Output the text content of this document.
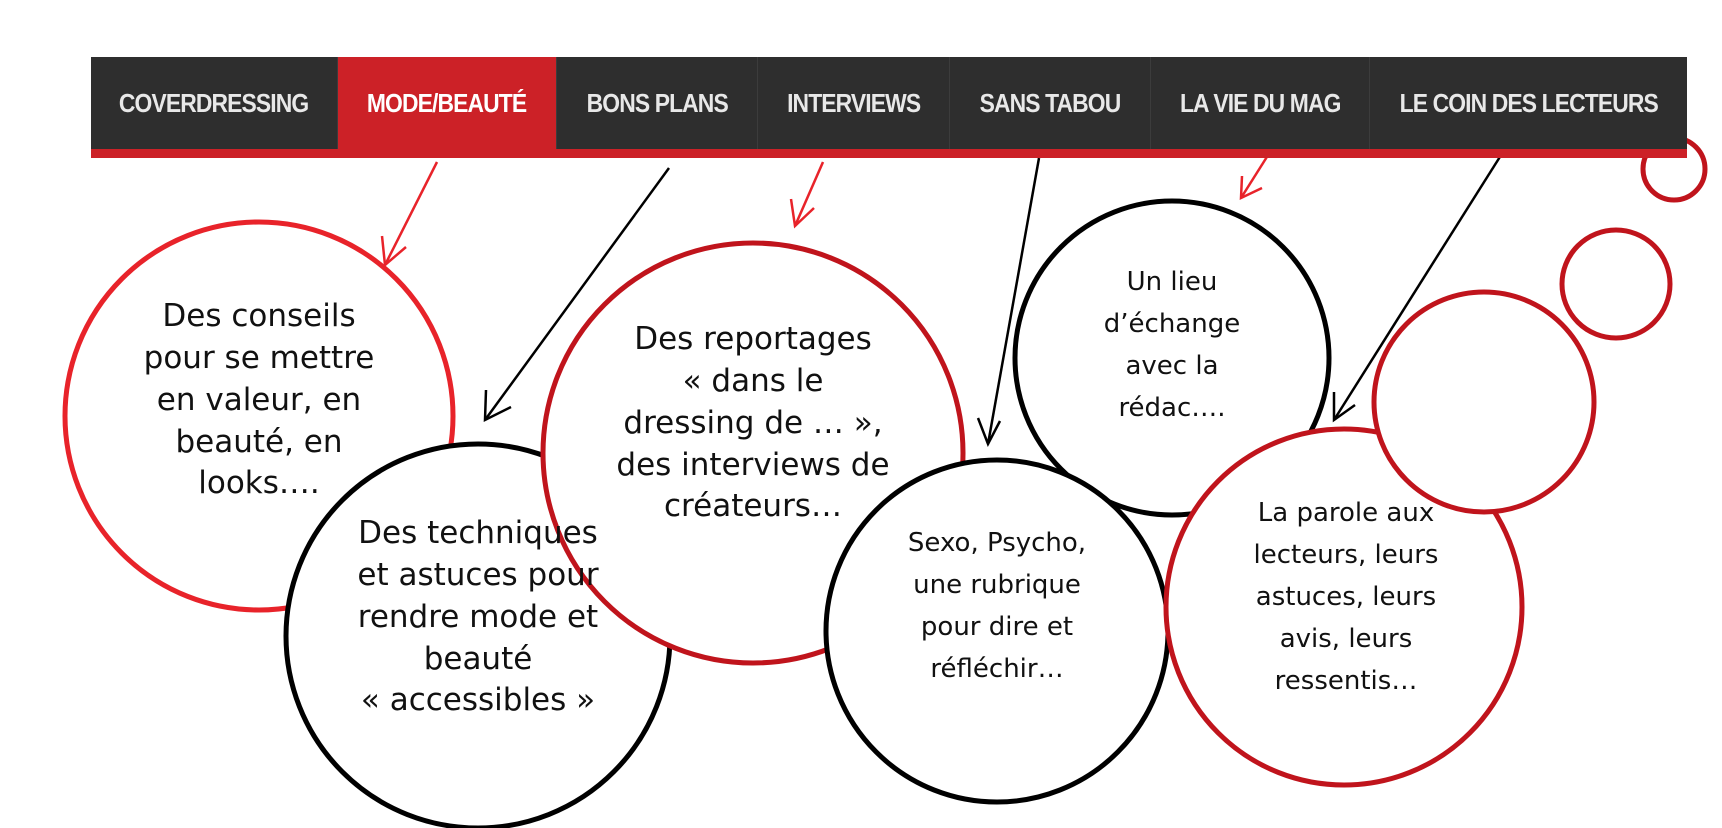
COVERDRESSING MODE/BEAUTÉ BONS PLANS INTERVIEWS SANS TABOU LA VIE DU MAG LE COIN DES LECTEURS
Des conseils
pour se mettre
en valeur, en
beauté, en
looks….
Des techniques
et astuces pour
rendre mode et
beauté
« accessibles »
Des reportages
« dans le
dressing de … »,
des interviews de
créateurs…
Sexo, Psycho,
une rubrique
pour dire et
réfléchir…
Un lieu
d’échange
avec la
rédac….
La parole aux
lecteurs, leurs
astuces, leurs
avis, leurs
ressentis…
